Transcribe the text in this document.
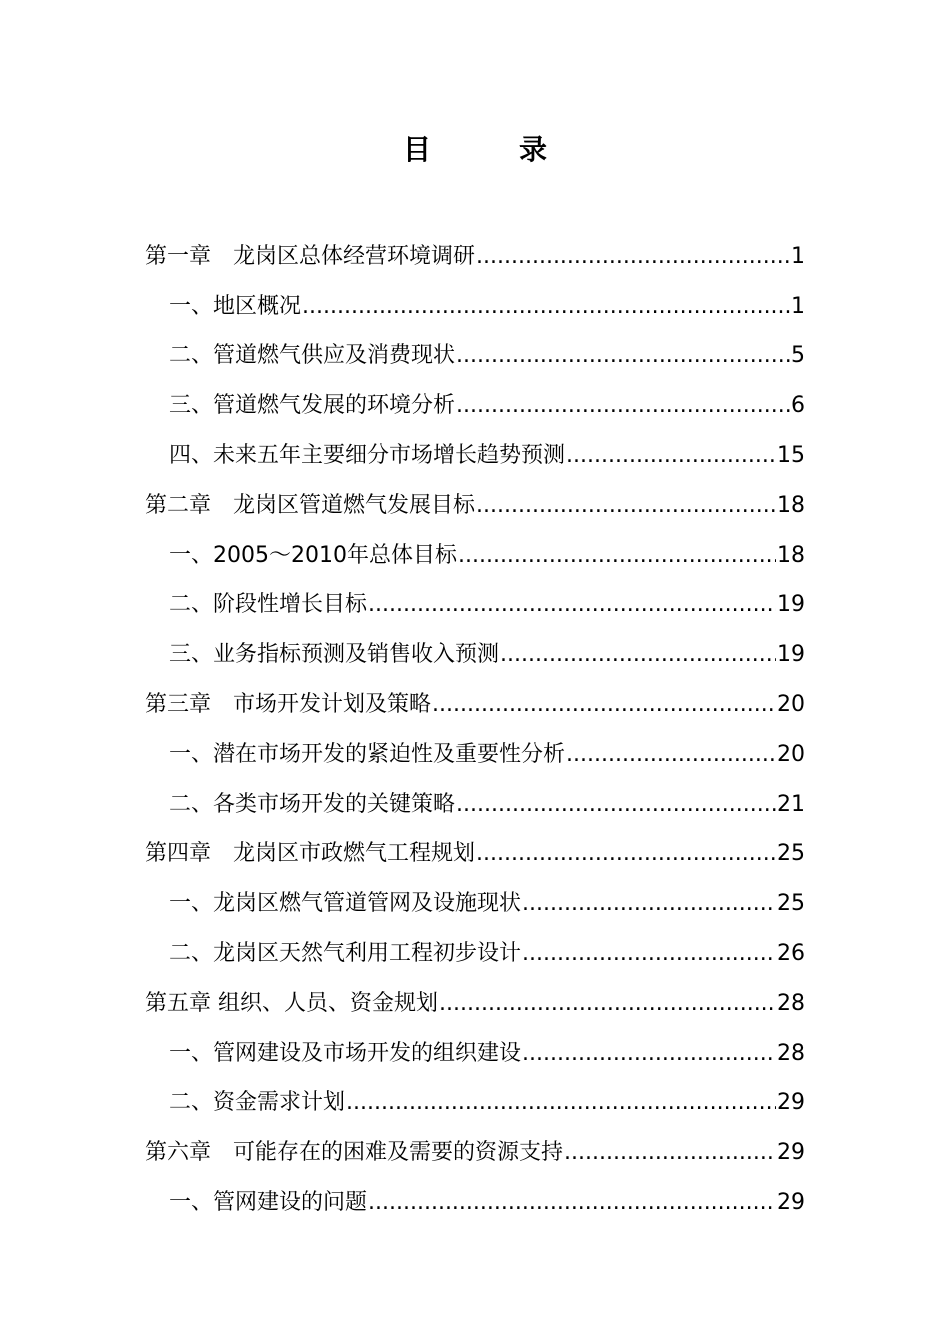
目　录
第一章　龙岗区总体经营环境调研 .....	1
一、地区概况 .....	1
二、管道燃气供应及消费现状 .....	5
三、管道燃气发展的环境分析 .....	6
四、未来五年主要细分市场增长趋势预测 .....	15
第二章　龙岗区管道燃气发展目标 .....	18
一、2005～2010年总体目标 .....	18
二、阶段性增长目标 .....	19
三、业务指标预测及销售收入预测 .....	19
第三章　市场开发计划及策略 .....	20
一、潜在市场开发的紧迫性及重要性分析 .....	20
二、各类市场开发的关键策略 .....	21
第四章　龙岗区市政燃气工程规划 .....	25
一、龙岗区燃气管道管网及设施现状 .....	25
二、龙岗区天然气利用工程初步设计 .....	26
第五章 组织、人员、资金规划 .....	28
一、管网建设及市场开发的组织建设 .....	28
二、资金需求计划 .....	29
第六章　可能存在的困难及需要的资源支持 .....	29
一、管网建设的问题 .....	29
